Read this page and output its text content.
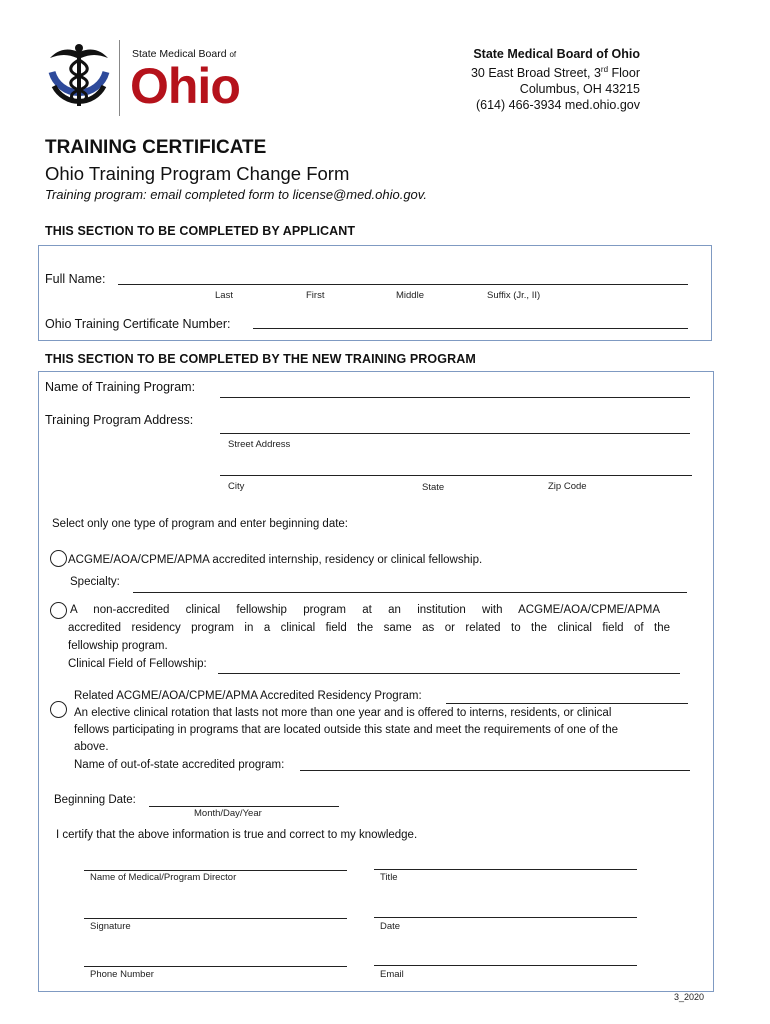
State Medical Board of
Ohio
State Medical Board of Ohio
30 East Broad Street, 3rd Floor
Columbus, OH 43215
(614) 466-3934 med.ohio.gov
TRAINING CERTIFICATE
Ohio Training Program Change Form
Training program: email completed form to license@med.ohio.gov.
THIS SECTION TO BE COMPLETED BY APPLICANT
Full Name:
Last	First	Middle	Suffix (Jr., II)
Ohio Training Certificate Number:
THIS SECTION TO BE COMPLETED BY THE NEW TRAINING PROGRAM
Name of Training Program:
Training Program Address:
Street Address
City	State	Zip Code
Select only one type of program and enter beginning date:
ACGME/AOA/CPME/APMA accredited internship, residency or clinical fellowship.
Specialty:
A non-accredited clinical fellowship program at an institution with ACGME/AOA/CPME/APMA
accredited residency program in a clinical field the same as or related to the clinical field of the
fellowship program.
Clinical Field of Fellowship:
Related ACGME/AOA/CPME/APMA Accredited Residency Program:
An elective clinical rotation that lasts not more than one year and is offered to interns, residents, or clinical
fellows participating in programs that are located outside this state and meet the requirements of one of the
above.
Name of out-of-state accredited program:
Beginning Date:
Month/Day/Year
I certify that the above information is true and correct to my knowledge.
Name of Medical/Program Director	Title
Signature	Date
Phone Number	Email
3_2020
